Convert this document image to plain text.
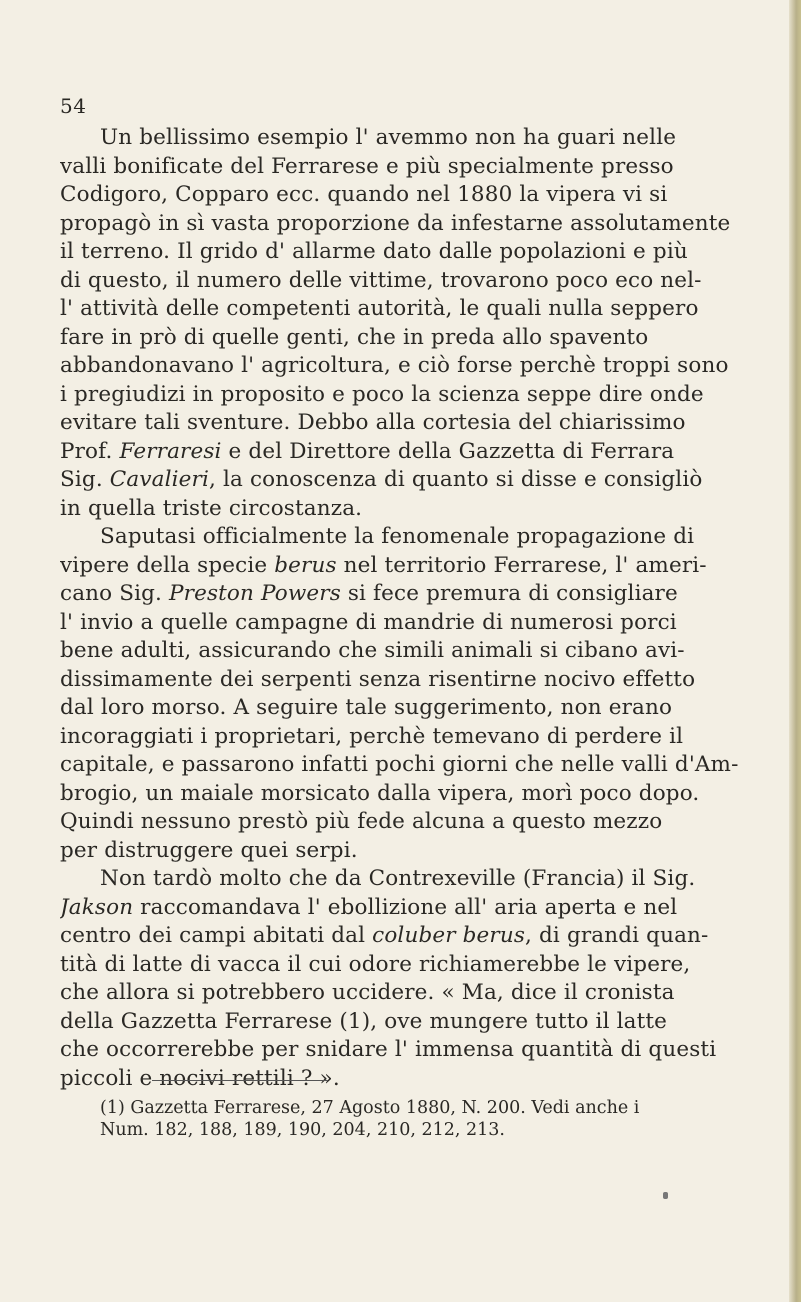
54

Un bellissimo esempio l' avemmo non ha guari nelle
valli bonificate del Ferrarese e più specialmente presso
Codigoro, Copparo ecc. quando nel 1880 la vipera vi si
propagò in sì vasta proporzione da infestarne assolutamente
il terreno. Il grido d' allarme dato dalle popolazioni e più
di questo, il numero delle vittime, trovarono poco eco nel-
l' attività delle competenti autorità, le quali nulla seppero
fare in prò di quelle genti, che in preda allo spavento
abbandonavano l' agricoltura, e ciò forse perchè troppi sono
i pregiudizi in proposito e poco la scienza seppe dire onde
evitare tali sventure. Debbo alla cortesia del chiarissimo
Prof. Ferraresi e del Direttore della Gazzetta di Ferrara
Sig. Cavalieri, la conoscenza di quanto si disse e consigliò
in quella triste circostanza.

Saputasi officialmente la fenomenale propagazione di
vipere della specie berus nel territorio Ferrarese, l' ameri-
cano Sig. Preston Powers si fece premura di consigliare
l' invio a quelle campagne di mandrie di numerosi porci
bene adulti, assicurando che simili animali si cibano avi-
dissimamente dei serpenti senza risentirne nocivo effetto
dal loro morso. A seguire tale suggerimento, non erano
incoraggiati i proprietari, perchè temevano di perdere il
capitale, e passarono infatti pochi giorni che nelle valli d'Am-
brogio, un maiale morsicato dalla vipera, morì poco dopo.
Quindi nessuno prestò più fede alcuna a questo mezzo
per distruggere quei serpi.

Non tardò molto che da Contrexeville (Francia) il Sig.
Jakson raccomandava l' ebollizione all' aria aperta e nel
centro dei campi abitati dal coluber berus, di grandi quan-
tità di latte di vacca il cui odore richiamerebbe le vipere,
che allora si potrebbero uccidere. « Ma, dice il cronista
della Gazzetta Ferrarese (1), ove mungere tutto il latte
che occorrerebbe per snidare l' immensa quantità di questi
piccoli e nocivi rettili ? ».

(1) Gazzetta Ferrarese, 27 Agosto 1880, N. 200. Vedi anche i
Num. 182, 188, 189, 190, 204, 210, 212, 213.
